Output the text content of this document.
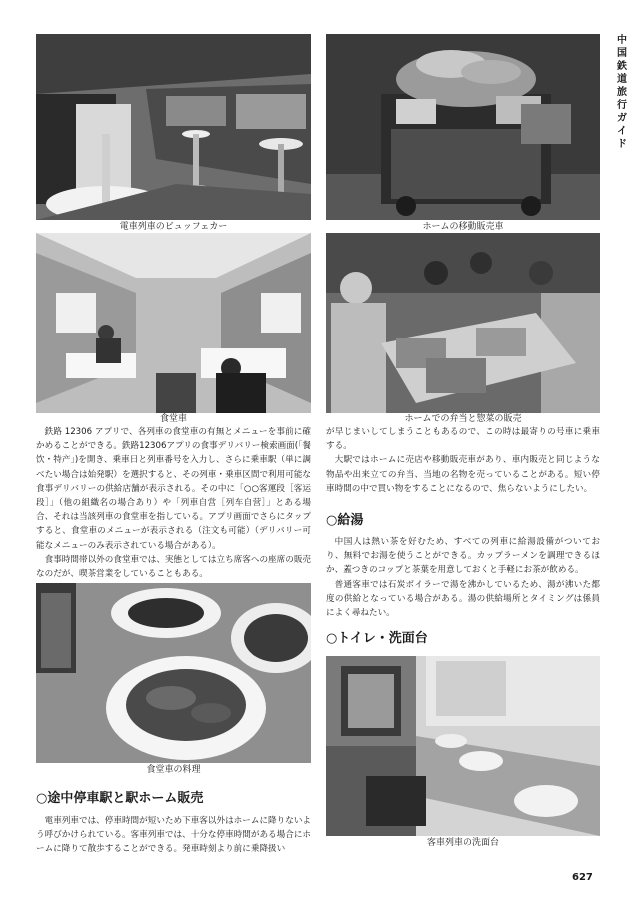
中国鉄道旅行ガイド
電車列車のビュッフェカー	ホームの移動販売車
食堂車	ホームでの弁当と惣菜の販売

鉄路 12306 アプリで、各列車の食堂車の有無とメニューを事前に確かめることができる。鉄路12306アプリの食事デリバリー検索画面(「餐饮・特产」)を開き、乗車日と列車番号を入力し、さらに乗車駅（単に調べたい場合は始発駅）を選択すると、その列車・乗車区間で利用可能な食事デリバリーの供給店舗が表示される。その中に「○○客運段［客运段］」（他の組織名の場合あり）や「列車自営［列车自营］」とある場合、それは当該列車の食堂車を指している。アプリ画面でさらにタップすると、食堂車のメニューが表示される（注文も可能）（デリバリー可能なメニューのみ表示されている場合がある）。

食事時間帯以外の食堂車では、実態としては立ち席客への座席の販売なのだが、喫茶営業をしていることもある。

食堂車の料理
○途中停車駅と駅ホーム販売

電車列車では、停車時間が短いため下車客以外はホームに降りないよう呼びかけられている。客車列車では、十分な停車時間がある場合にホームに降りて散歩することができる。発車時刻より前に乗降扱い

が早じまいしてしまうこともあるので、この時は最寄りの号車に乗車する。

大駅ではホームに売店や移動販売車があり、車内販売と同じような物品や出来立ての弁当、当地の名物を売っていることがある。短い停車時間の中で買い物をすることになるので、焦らないようにしたい。

○給湯

中国人は熱い茶を好むため、すべての列車に給湯設備がついており、無料でお湯を使うことができる。カップラーメンを調理できるほか、蓋つきのコップと茶葉を用意しておくと手軽にお茶が飲める。

普通客車では石炭ボイラーで湯を沸かしているため、湯が沸いた都度の供給となっている場合がある。湯の供給場所とタイミングは係員によく尋ねたい。

○トイレ・洗面台
客車列車の洗面台
627
